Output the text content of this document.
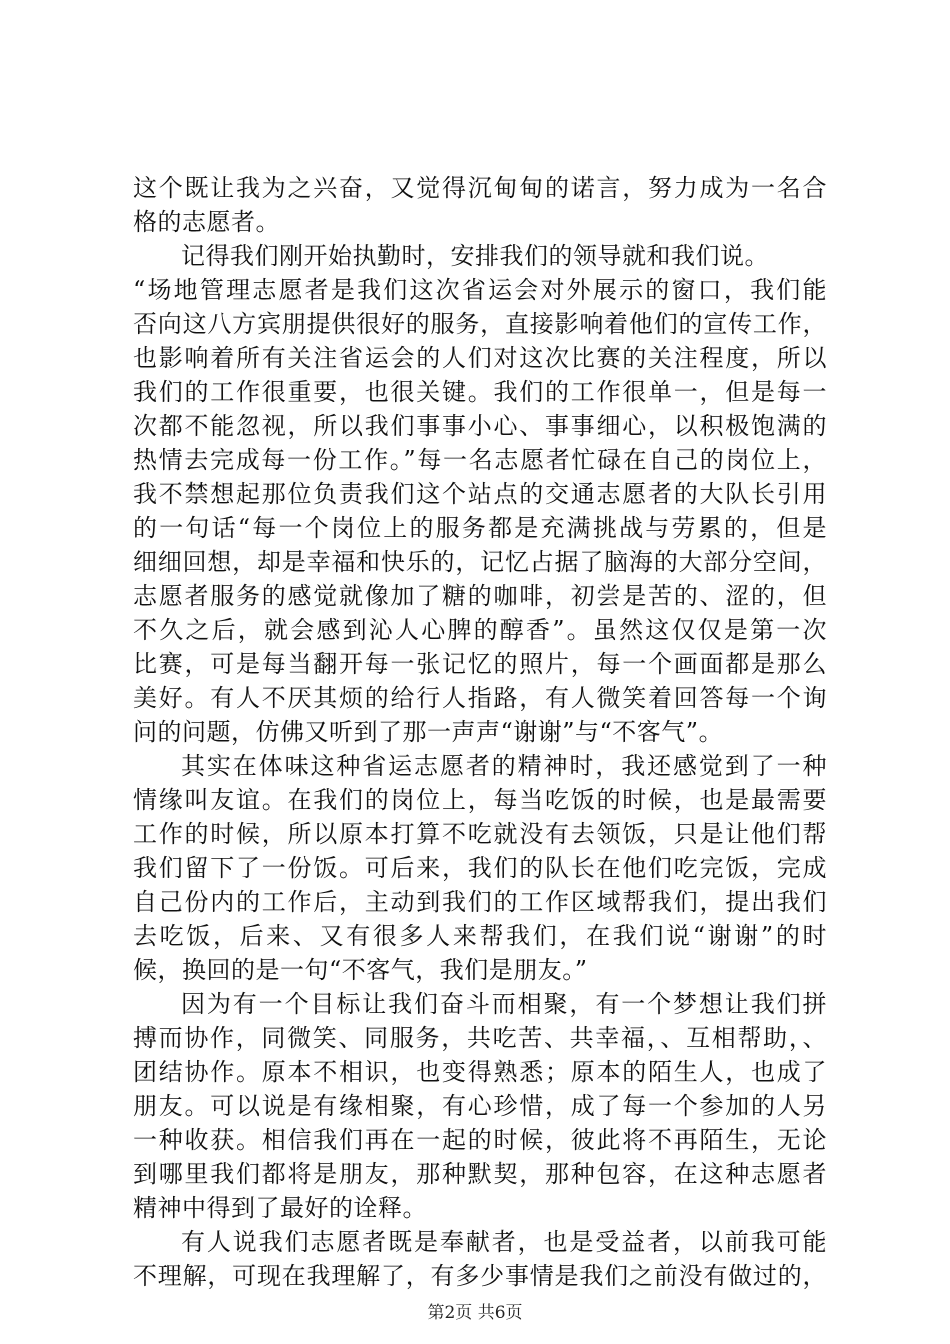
这个既让我为之兴奋，又觉得沉甸甸的诺言，努力成为一名合
格的志愿者。
记得我们刚开始执勤时，安排我们的领导就和我们说。
“场地管理志愿者是我们这次省运会对外展示的窗口，我们能
否向这八方宾朋提供很好的服务，直接影响着他们的宣传工作，
也影响着所有关注省运会的人们对这次比赛的关注程度，所以
我们的工作很重要，也很关键。我们的工作很单一，但是每一
次都不能忽视，所以我们事事小心、事事细心，以积极饱满的
热情去完成每一份工作。”每一名志愿者忙碌在自己的岗位上，
我不禁想起那位负责我们这个站点的交通志愿者的大队长引用
的一句话“每一个岗位上的服务都是充满挑战与劳累的，但是
细细回想，却是幸福和快乐的，记忆占据了脑海的大部分空间，
志愿者服务的感觉就像加了糖的咖啡，初尝是苦的、涩的，但
不久之后，就会感到沁人心脾的醇香”。虽然这仅仅是第一次
比赛，可是每当翻开每一张记忆的照片，每一个画面都是那么
美好。有人不厌其烦的给行人指路，有人微笑着回答每一个询
问的问题，仿佛又听到了那一声声“谢谢”与“不客气”。
其实在体味这种省运志愿者的精神时，我还感觉到了一种
情缘叫友谊。在我们的岗位上，每当吃饭的时候，也是最需要
工作的时候，所以原本打算不吃就没有去领饭，只是让他们帮
我们留下了一份饭。可后来，我们的队长在他们吃完饭，完成
自己份内的工作后，主动到我们的工作区域帮我们，提出我们
去吃饭，后来、又有很多人来帮我们，在我们说“谢谢”的时
候，换回的是一句“不客气，我们是朋友。”
因为有一个目标让我们奋斗而相聚，有一个梦想让我们拼
搏而协作，同微笑、同服务，共吃苦、共幸福，、互相帮助，、
团结协作。原本不相识，也变得熟悉；原本的陌生人，也成了
朋友。可以说是有缘相聚，有心珍惜，成了每一个参加的人另
一种收获。相信我们再在一起的时候，彼此将不再陌生，无论
到哪里我们都将是朋友，那种默契，那种包容，在这种志愿者
精神中得到了最好的诠释。
有人说我们志愿者既是奉献者，也是受益者，以前我可能
不理解，可现在我理解了，有多少事情是我们之前没有做过的，
第2页 共6页
